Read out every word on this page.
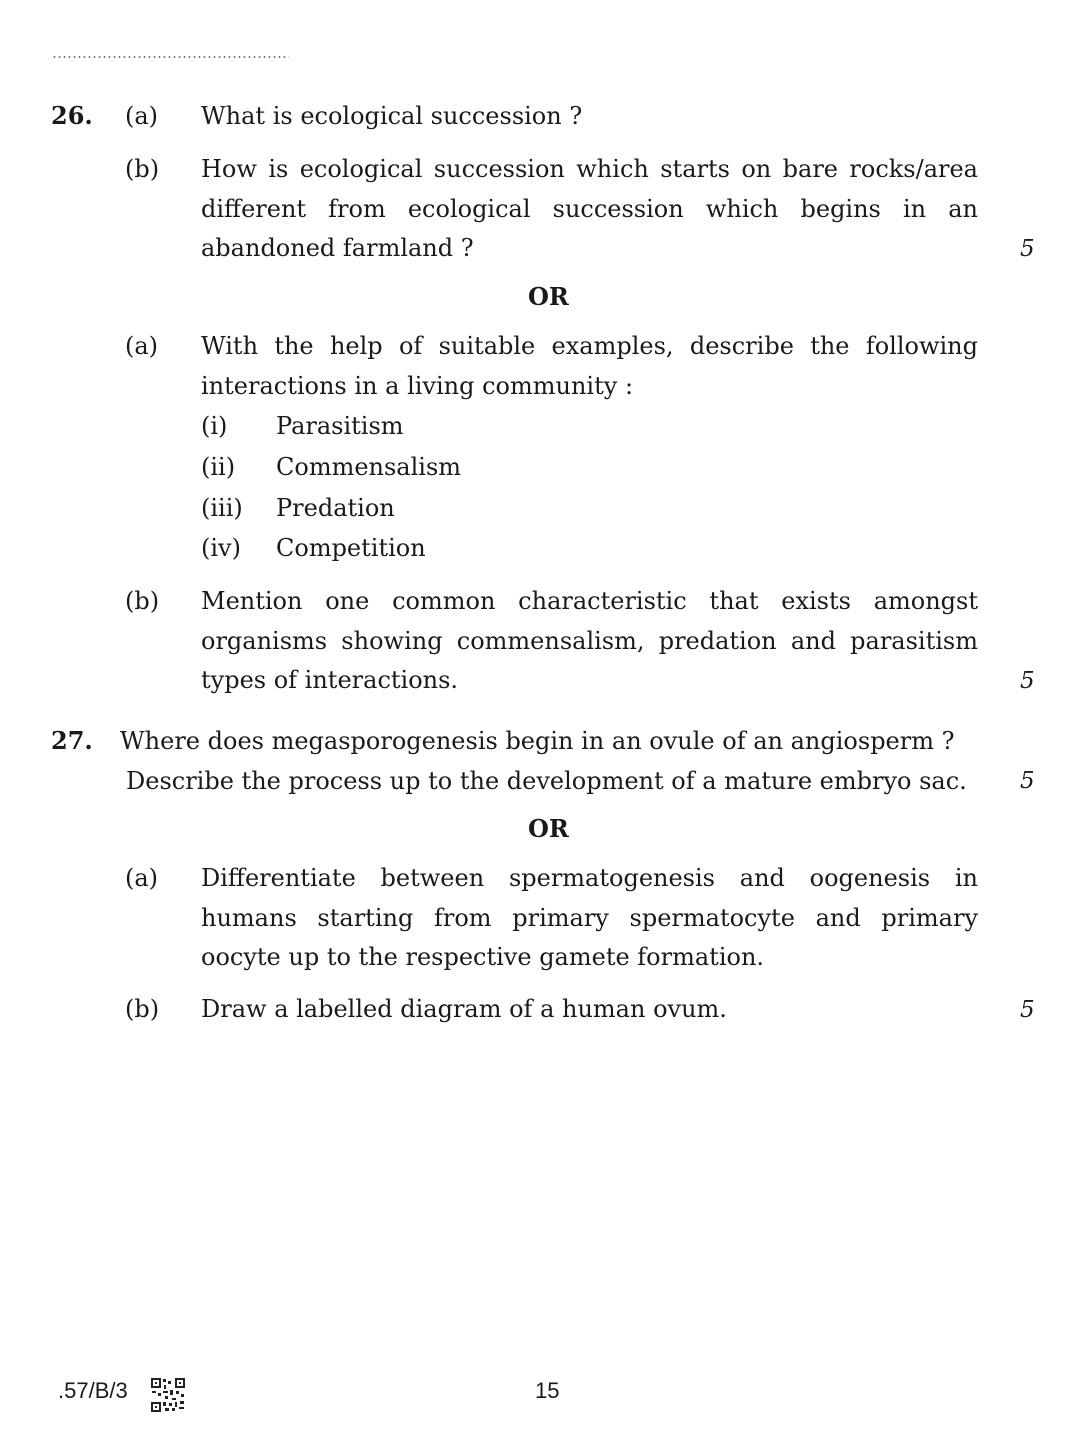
26. (a) What is ecological succession ?
(b) How is ecological succession which starts on bare rocks/area different from ecological succession which begins in an abandoned farmland ?	5
OR
(a) With the help of suitable examples, describe the following interactions in a living community :
(i) Parasitism
(ii) Commensalism
(iii) Predation
(iv) Competition
(b) Mention one common characteristic that exists amongst organisms showing commensalism, predation and parasitism types of interactions.	5
27. Where does megasporogenesis begin in an ovule of an angiosperm ?
Describe the process up to the development of a mature embryo sac.	5
OR
(a) Differentiate between spermatogenesis and oogenesis in humans starting from primary spermatocyte and primary oocyte up to the respective gamete formation.
(b) Draw a labelled diagram of a human ovum.	5
.57/B/3	15
